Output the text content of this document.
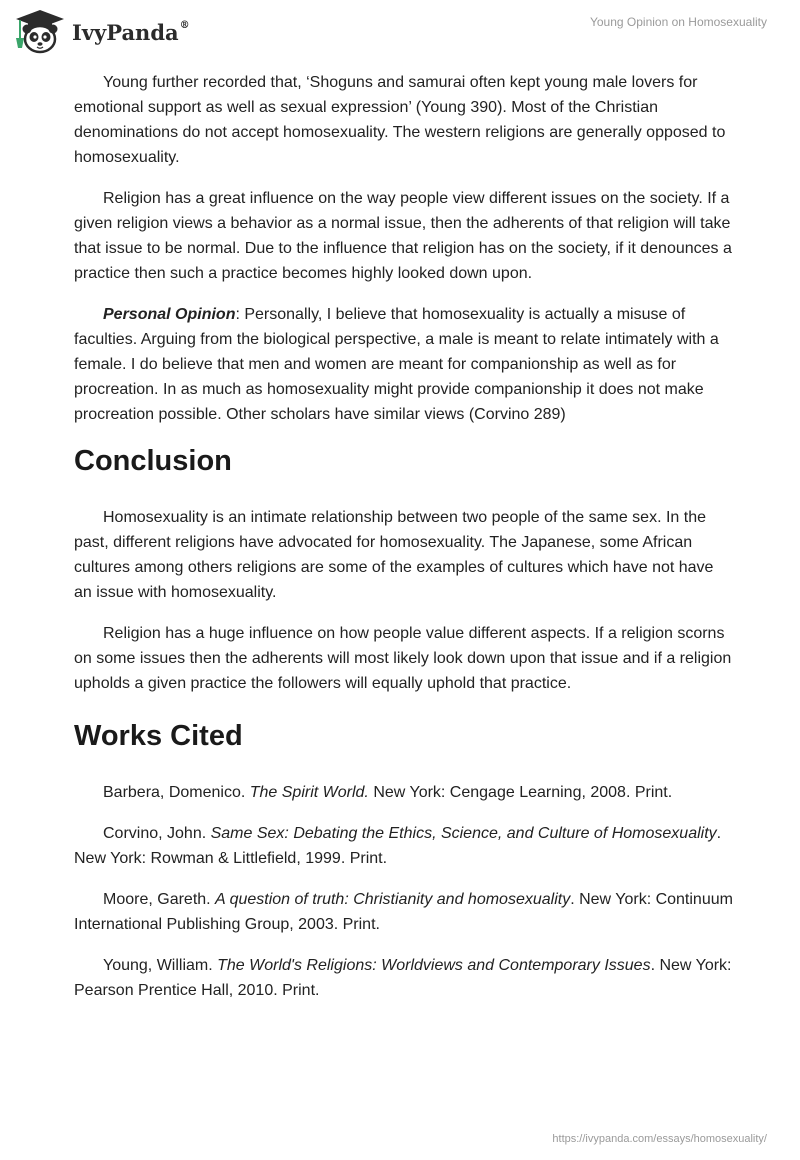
IvyPanda®	Young Opinion on Homosexuality

Young further recorded that, ‘Shoguns and samurai often kept young male lovers for emotional support as well as sexual expression’ (Young 390). Most of the Christian denominations do not accept homosexuality. The western religions are generally opposed to homosexuality.

Religion has a great influence on the way people view different issues on the society. If a given religion views a behavior as a normal issue, then the adherents of that religion will take that issue to be normal. Due to the influence that religion has on the society, if it denounces a practice then such a practice becomes highly looked down upon.

Personal Opinion: Personally, I believe that homosexuality is actually a misuse of faculties. Arguing from the biological perspective, a male is meant to relate intimately with a female. I do believe that men and women are meant for companionship as well as for procreation. In as much as homosexuality might provide companionship it does not make procreation possible. Other scholars have similar views (Corvino 289)

Conclusion

Homosexuality is an intimate relationship between two people of the same sex. In the past, different religions have advocated for homosexuality. The Japanese, some African cultures among others religions are some of the examples of cultures which have not have an issue with homosexuality.

Religion has a huge influence on how people value different aspects. If a religion scorns on some issues then the adherents will most likely look down upon that issue and if a religion upholds a given practice the followers will equally uphold that practice.

Works Cited

Barbera, Domenico. The Spirit World. New York: Cengage Learning, 2008. Print.

Corvino, John. Same Sex: Debating the Ethics, Science, and Culture of Homosexuality. New York: Rowman & Littlefield, 1999. Print.

Moore, Gareth. A question of truth: Christianity and homosexuality. New York: Continuum International Publishing Group, 2003. Print.

Young, William. The World's Religions: Worldviews and Contemporary Issues. New York: Pearson Prentice Hall, 2010. Print.

https://ivypanda.com/essays/homosexuality/
